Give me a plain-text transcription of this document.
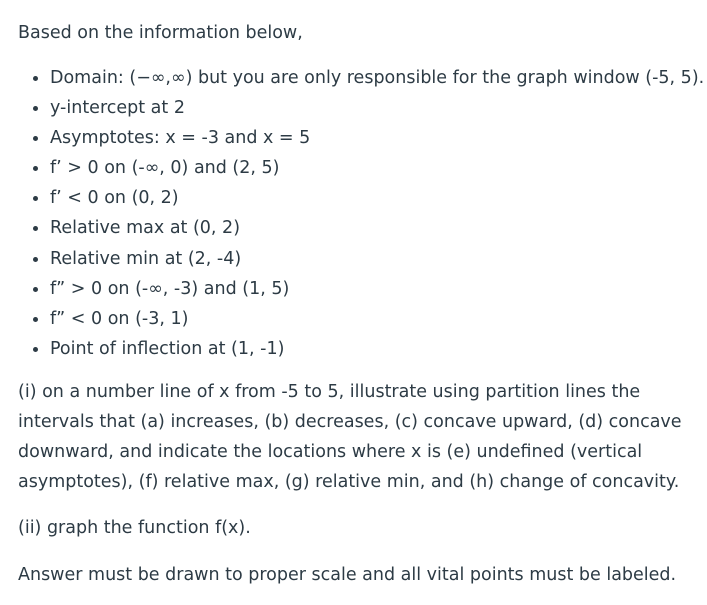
Based on the information below,
Domain: (−∞,∞) but you are only responsible for the graph window (-5, 5).
y-intercept at 2
Asymptotes: x = -3 and x = 5
f’ > 0 on (-∞, 0) and (2, 5)
f’ < 0 on (0, 2)
Relative max at (0, 2)
Relative min at (2, -4)
f” > 0 on (-∞, -3) and (1, 5)
f” < 0 on (-3, 1)
Point of inflection at (1, -1)

(i) on a number line of x from -5 to 5, illustrate using partition lines the intervals that (a) increases, (b) decreases, (c) concave upward, (d) concave downward, and indicate the locations where x is (e) undefined (vertical asymptotes), (f) relative max, (g) relative min, and (h) change of concavity.

(ii) graph the function f(x).

Answer must be drawn to proper scale and all vital points must be labeled.
